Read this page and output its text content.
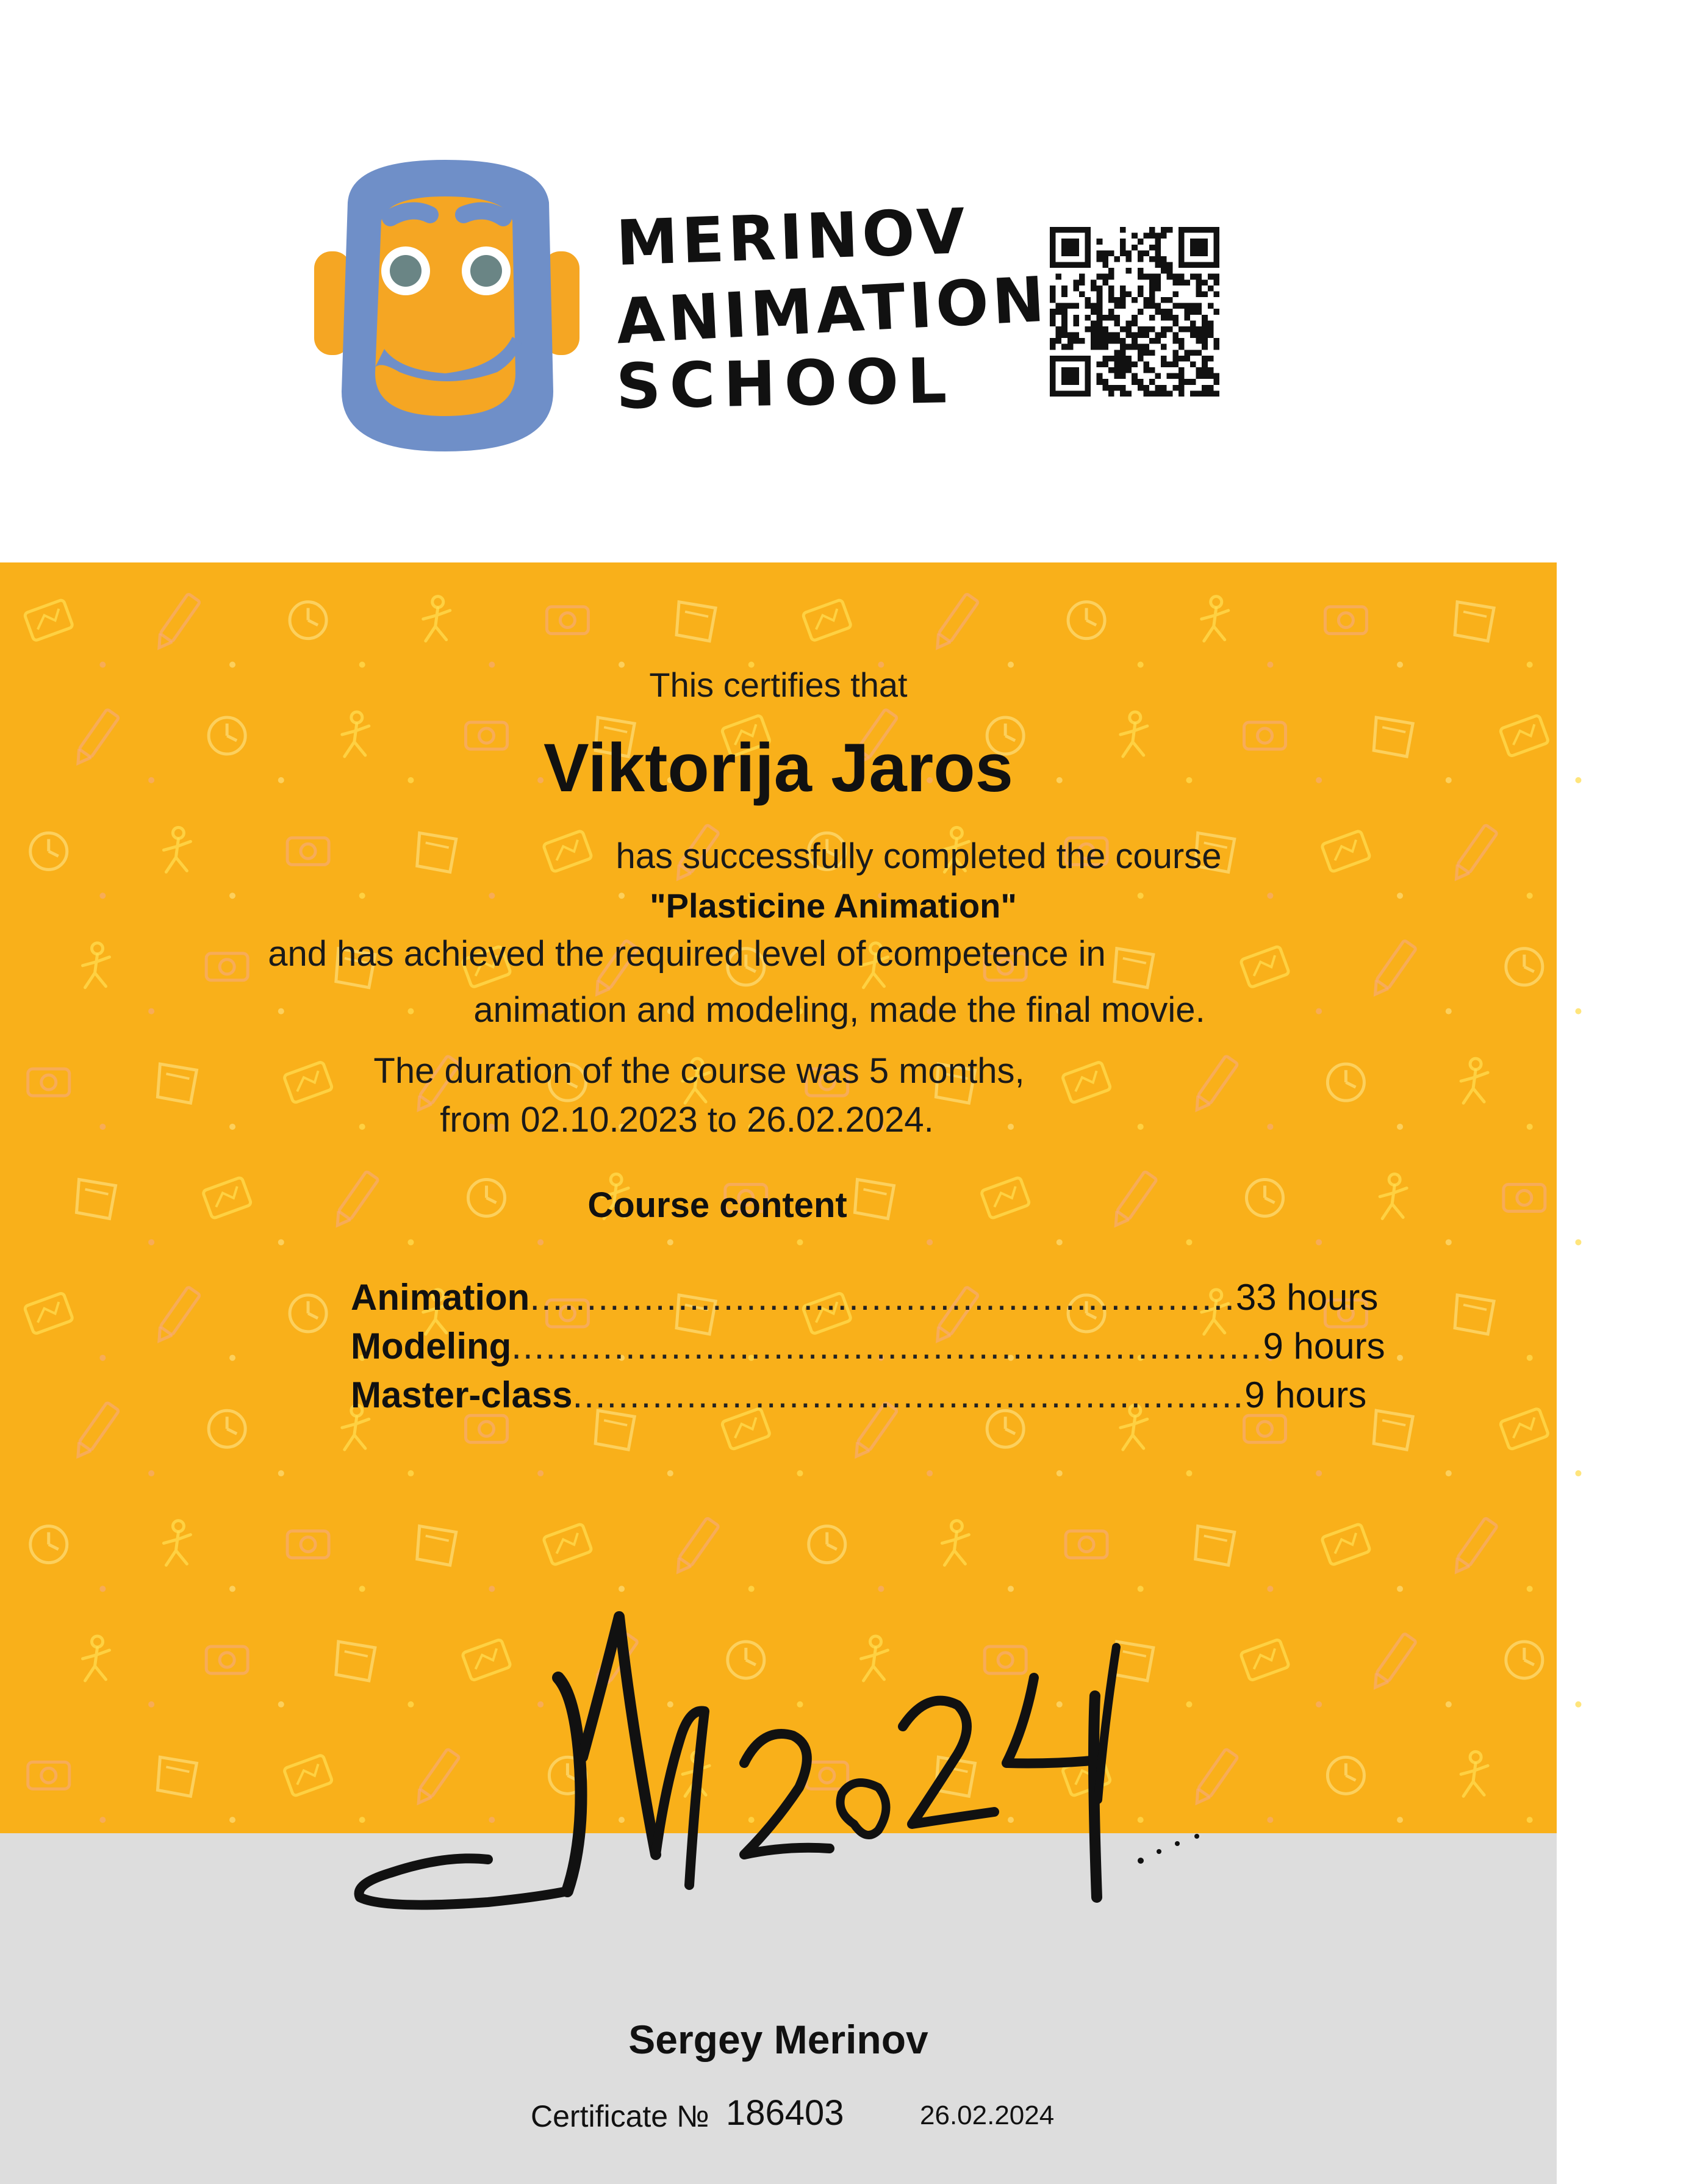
MERINOV
ANIMATION
SCHOOL
This certifies that
Viktorija Jaros
has successfully completed the course
"Plasticine Animation"
and has achieved the required level of competence in
animation and modeling, made the final movie.
The duration of the course was 5 months,
from 02.10.2023 to 26.02.2024.
Course content
Animation .............................................................. 33 hours
Modeling .................................................................. 9 hours
Master-class ........................................................... 9 hours
Sergey Merinov
Certificate № 186403	26.02.2024
